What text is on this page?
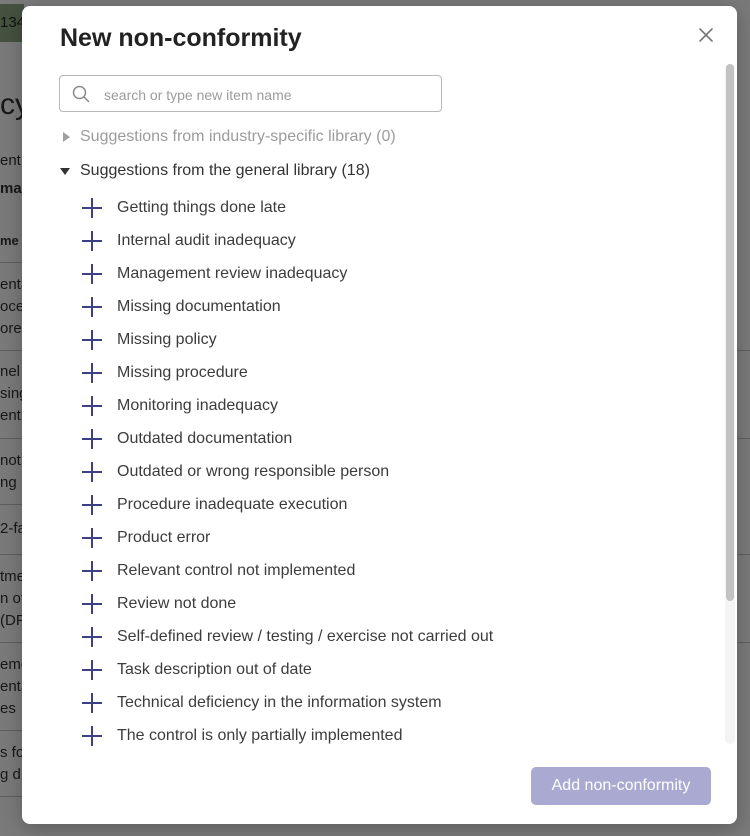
New non-conformity
search or type new item name
Suggestions from industry-specific library (0)
Suggestions from the general library (18)
Getting things done late
Internal audit inadequacy
Management review inadequacy
Missing documentation
Missing policy
Missing procedure
Monitoring inadequacy
Outdated documentation
Outdated or wrong responsible person
Procedure inadequate execution
Product error
Relevant control not implemented
Review not done
Self-defined review / testing / exercise not carried out
Task description out of date
Technical deficiency in the information system
The control is only partially implemented
Add non-conformity
